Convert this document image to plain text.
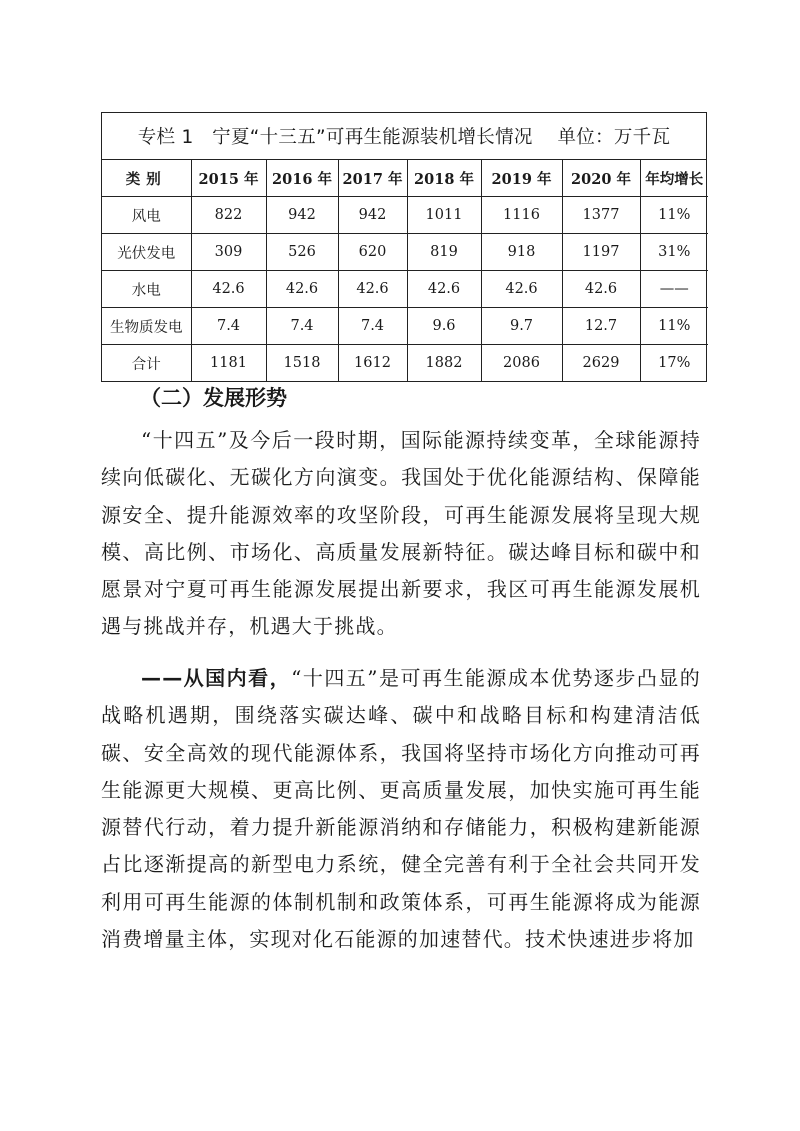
专栏 1
宁夏“十三五”可再生能源装机增长情况
单位：万千瓦
类别	2015 年	2016 年	2017 年	2018 年	2019 年	2020 年	年均增长
风电	822	942	942	1011	1116	1377	11%
光伏发电	309	526	620	819	918	1197	31%
水电	42.6	42.6	42.6	42.6	42.6	42.6	——
生物质发电	7.4	7.4	7.4	9.6	9.7	12.7	11%
合计	1181	1518	1612	1882	2086	2629	17%
（二）发展形势

“十四五”及今后一段时期，国际能源持续变革，全球能源持续向低碳化、无碳化方向演变。我国处于优化能源结构、保障能源安全、提升能源效率的攻坚阶段，可再生能源发展将呈现大规模、高比例、市场化、高质量发展新特征。碳达峰目标和碳中和愿景对宁夏可再生能源发展提出新要求，我区可再生能源发展机遇与挑战并存，机遇大于挑战。

——从国内看，“十四五”是可再生能源成本优势逐步凸显的战略机遇期，围绕落实碳达峰、碳中和战略目标和构建清洁低碳、安全高效的现代能源体系，我国将坚持市场化方向推动可再生能源更大规模、更高比例、更高质量发展，加快实施可再生能源替代行动，着力提升新能源消纳和存储能力，积极构建新能源占比逐渐提高的新型电力系统，健全完善有利于全社会共同开发利用可再生能源的体制机制和政策体系，可再生能源将成为能源消费增量主体，实现对化石能源的加速替代。技术快速进步将加
